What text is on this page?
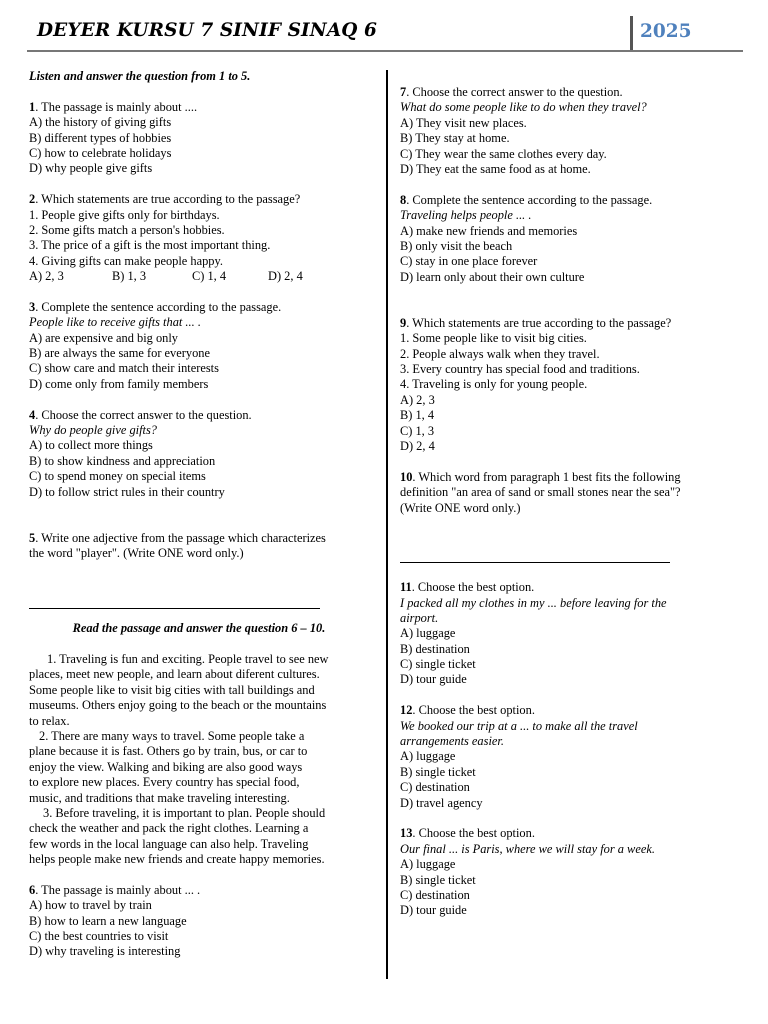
DEYER KURSU 7 SINIF SINAQ 6	2025
Listen and answer the question from 1 to 5.
1. The passage is mainly about ....
A) the history of giving gifts
B) different types of hobbies
C) how to celebrate holidays
D) why people give gifts
2. Which statements are true according to the passage?
1. People give gifts only for birthdays.
2. Some gifts match a person's hobbies.
3. The price of a gift is the most important thing.
4. Giving gifts can make people happy.
A) 2, 3	B) 1, 3	C) 1, 4	D) 2, 4
3. Complete the sentence according to the passage.
People like to receive gifts that ... .
A) are expensive and big only
B) are always the same for everyone
C) show care and match their interests
D) come only from family members
4. Choose the correct answer to the question.
Why do people give gifts?
A) to collect more things
B) to show kindness and appreciation
C) to spend money on special items
D) to follow strict rules in their country
5. Write one adjective from the passage which characterizes
the word "player". (Write ONE word only.)
Read the passage and answer the question 6 – 10.
1. Traveling is fun and exciting. People travel to see new
places, meet new people, and learn about diferent cultures.
Some people like to visit big cities with tall buildings and
museums. Others enjoy going to the beach or the mountains
to relax.
2. There are many ways to travel. Some people take a
plane because it is fast. Others go by train, bus, or car to
enjoy the view. Walking and biking are also good ways
to explore new places. Every country has special food,
music, and traditions that make traveling interesting.
3. Before traveling, it is important to plan. People should
check the weather and pack the right clothes. Learning a
few words in the local language can also help. Traveling
helps people make new friends and create happy memories.
6. The passage is mainly about ... .
A) how to travel by train
B) how to learn a new language
C) the best countries to visit
D) why traveling is interesting
7. Choose the correct answer to the question.
What do some people like to do when they travel?
A) They visit new places.
B) They stay at home.
C) They wear the same clothes every day.
D) They eat the same food as at home.
8. Complete the sentence according to the passage.
Traveling helps people ... .
A) make new friends and memories
B) only visit the beach
C) stay in one place forever
D) learn only about their own culture
9. Which statements are true according to the passage?
1. Some people like to visit big cities.
2. People always walk when they travel.
3. Every country has special food and traditions.
4. Traveling is only for young people.
A) 2, 3
B) 1, 4
C) 1, 3
D) 2, 4
10. Which word from paragraph 1 best fits the following
definition "an area of sand or small stones near the sea"?
(Write ONE word only.)
11. Choose the best option.
I packed all my clothes in my ... before leaving for the
airport.
A) luggage
B) destination
C) single ticket
D) tour guide
12. Choose the best option.
We booked our trip at a ... to make all the travel
arrangements easier.
A) luggage
B) single ticket
C) destination
D) travel agency
13. Choose the best option.
Our final ... is Paris, where we will stay for a week.
A) luggage
B) single ticket
C) destination
D) tour guide
